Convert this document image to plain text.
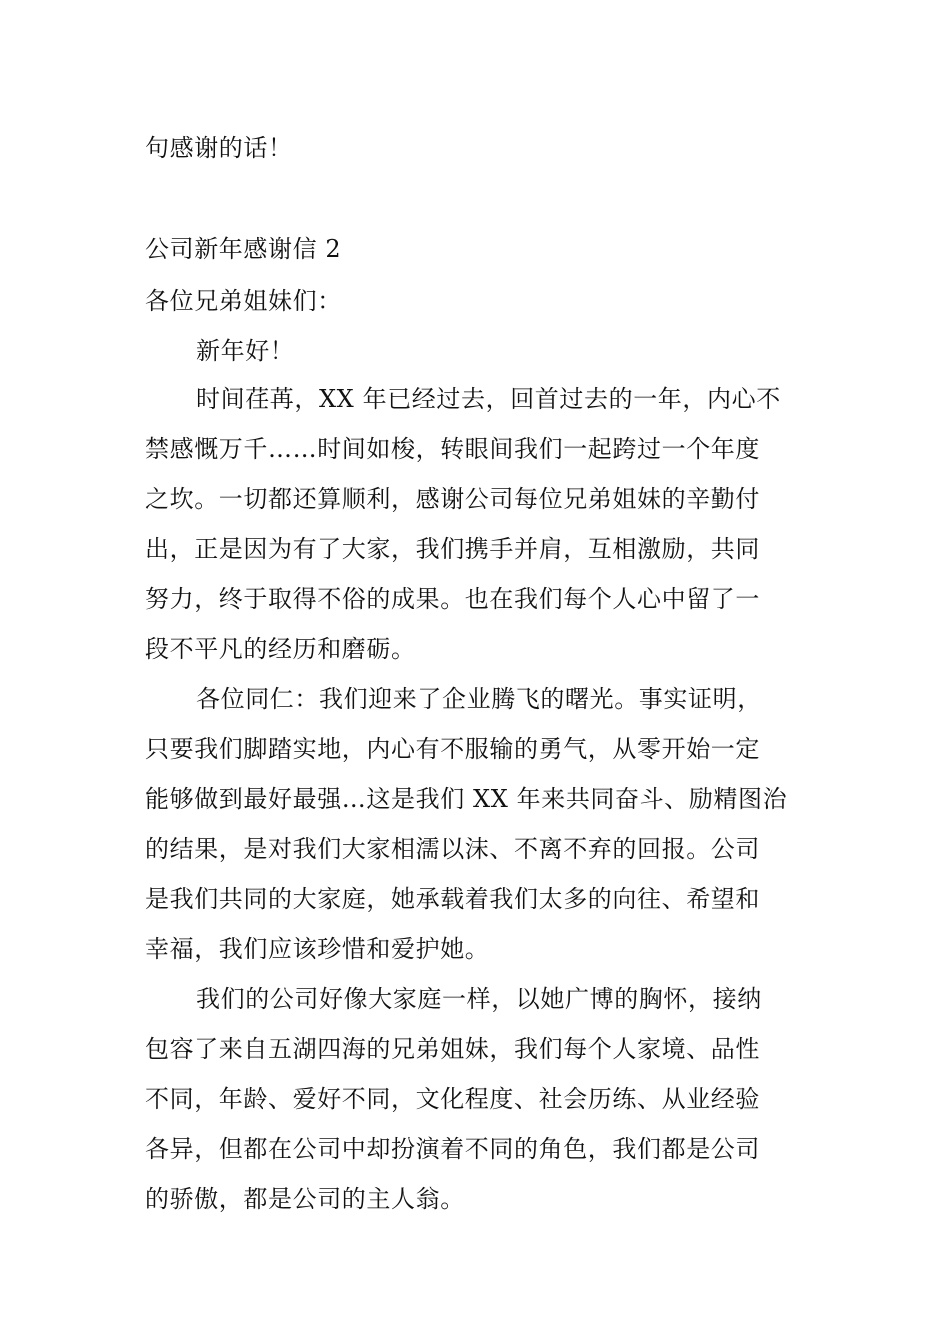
句感谢的话！
公司新年感谢信 2
各位兄弟姐妹们：
新年好！
时间荏苒，XX 年已经过去，回首过去的一年，内心不
禁感慨万千……时间如梭，转眼间我们一起跨过一个年度
之坎。一切都还算顺利，感谢公司每位兄弟姐妹的辛勤付
出，正是因为有了大家，我们携手并肩，互相激励，共同
努力，终于取得不俗的成果。也在我们每个人心中留了一
段不平凡的经历和磨砺。
各位同仁：我们迎来了企业腾飞的曙光。事实证明，
只要我们脚踏实地，内心有不服输的勇气，从零开始一定
能够做到最好最强…这是我们 XX 年来共同奋斗、励精图治
的结果，是对我们大家相濡以沫、不离不弃的回报。公司
是我们共同的大家庭，她承载着我们太多的向往、希望和
幸福，我们应该珍惜和爱护她。
我们的公司好像大家庭一样，以她广博的胸怀，接纳
包容了来自五湖四海的兄弟姐妹，我们每个人家境、品性
不同，年龄、爱好不同，文化程度、社会历练、从业经验
各异，但都在公司中却扮演着不同的角色，我们都是公司
的骄傲，都是公司的主人翁。
